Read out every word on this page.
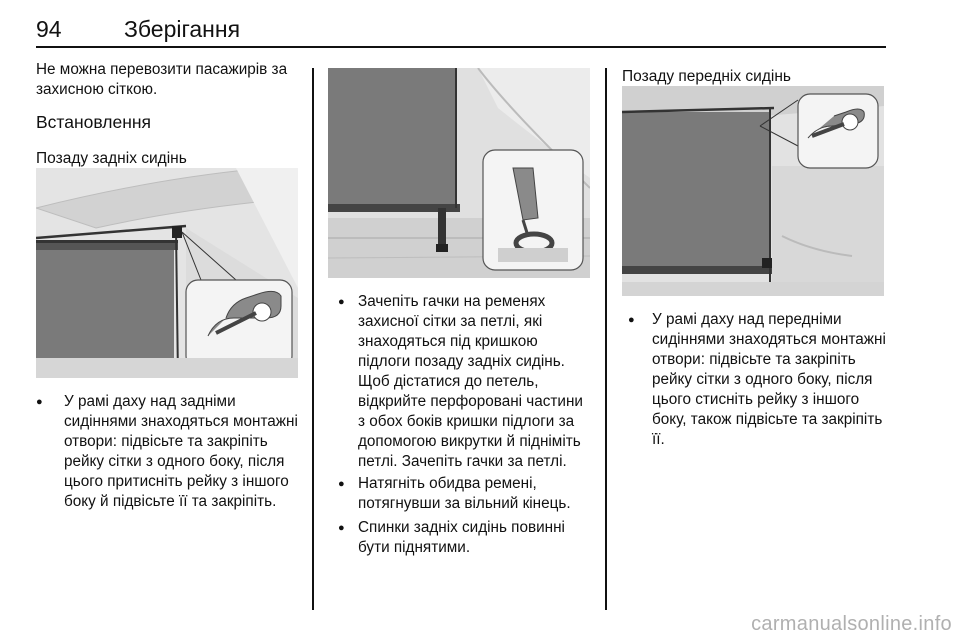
94	Зберігання
Не можна перевозити пасажирів за захисною сіткою.
Встановлення
Позаду задніх сидінь
● У рамі даху над задніми сидіннями знаходяться монтажні отвори: підвісьте та закріпіть рейку сітки з одного боку, після цього притисніть рейку з іншого боку й підвісьте її та закріпіть.
● Зачепіть гачки на ременях захисної сітки за петлі, які знаходяться під кришкою підлоги позаду задніх сидінь. Щоб дістатися до петель, відкрийте перфоровані частини з обох боків кришки підлоги за допомогою викрутки й підніміть петлі. Зачепіть гачки за петлі.
● Натягніть обидва ремені, потягнувши за вільний кінець.
● Спинки задніх сидінь повинні бути піднятими.
Позаду передніх сидінь
● У рамі даху над передніми сидіннями знаходяться монтажні отвори: підвісьте та закріпіть рейку сітки з одного боку, після цього стисніть рейку з іншого боку, також підвісьте та закріпіть її.
carmanualsonline.info
